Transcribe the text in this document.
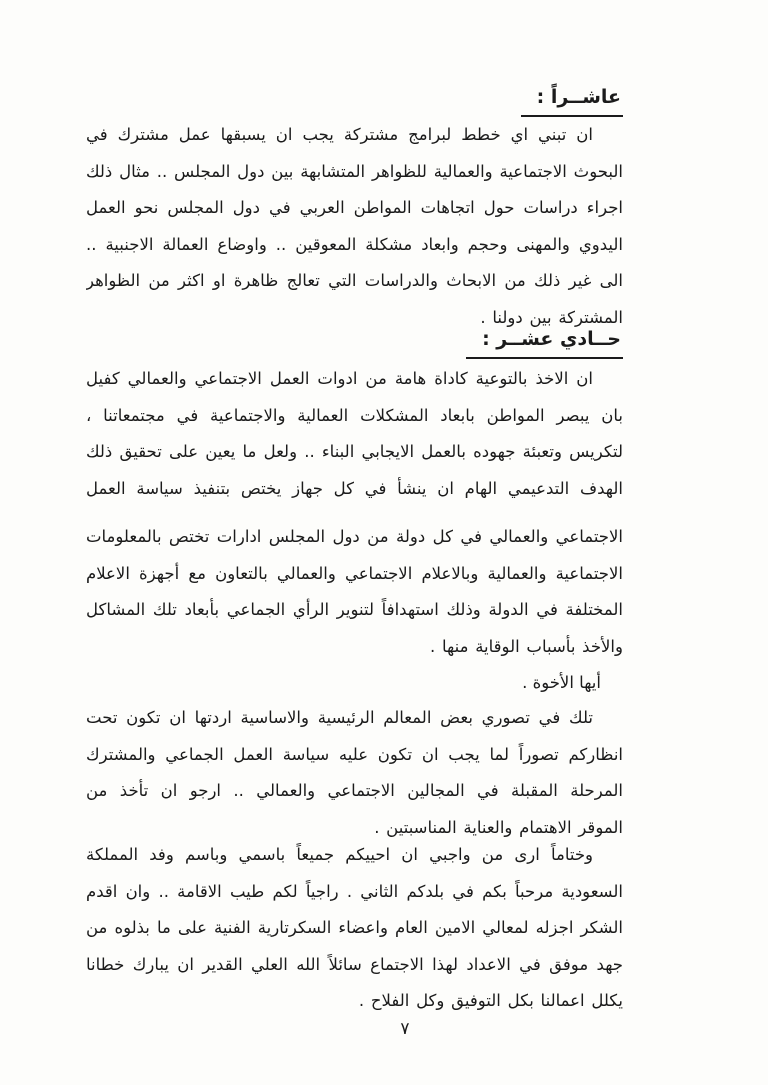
عاشــراً :
ان تبني اي خطط لبرامج مشتركة يجب ان يسبقها عمل مشترك في
البحوث الاجتماعية والعمالية للظواهر المتشابهة بين دول المجلس .. مثال ذلك
اجراء دراسات حول اتجاهات المواطن العربي في دول المجلس نحو العمل
اليدوي والمهنى وحجم وابعاد مشكلة المعوقين .. واوضاع العمالة الاجنبية ..
الى غير ذلك من الابحاث والدراسات التي تعالج ظاهرة او اكثر من الظواهر
المشتركة بين دولنا .
حــادي عشــر :
ان الاخذ بالتوعية كاداة هامة من ادوات العمل الاجتماعي والعمالي كفيل
بان يبصر المواطن بابعاد المشكلات العمالية والاجتماعية في مجتمعاتنا ،
لتكريس وتعبئة جهوده بالعمل الايجابي البناء .. ولعل ما يعين على تحقيق ذلك
الهدف التدعيمي الهام ان ينشأ في كل جهاز يختص بتنفيذ سياسة العمل
الاجتماعي والعمالي في كل دولة من دول المجلس ادارات تختص بالمعلومات
الاجتماعية والعمالية وبالاعلام الاجتماعي والعمالي بالتعاون مع أجهزة الاعلام
المختلفة في الدولة وذلك استهدافاً لتنوير الرأي الجماعي بأبعاد تلك المشاكل
والأخذ بأسباب الوقاية منها .
أيها الأخوة .
تلك في تصوري بعض المعالم الرئيسية والاساسية اردتها ان تكون تحت
انظاركم تصوراً لما يجب ان تكون عليه سياسة العمل الجماعي والمشترك
المرحلة المقبلة في المجالين الاجتماعي والعمالي .. ارجو ان تأخذ من
الموقر الاهتمام والعناية المناسبتين .
وختاماً ارى من واجبي ان احييكم جميعاً باسمي وباسم وفد المملكة
السعودية مرحباً بكم في بلدكم الثاني . راجياً لكم طيب الاقامة .. وان اقدم
الشكر اجزله لمعالي الامين العام واعضاء السكرتارية الفنية على ما بذلوه من
جهد موفق في الاعداد لهذا الاجتماع سائلاً الله العلي القدير ان يبارك خطانا
يكلل اعمالنا بكل التوفيق وكل الفلاح .
٧
